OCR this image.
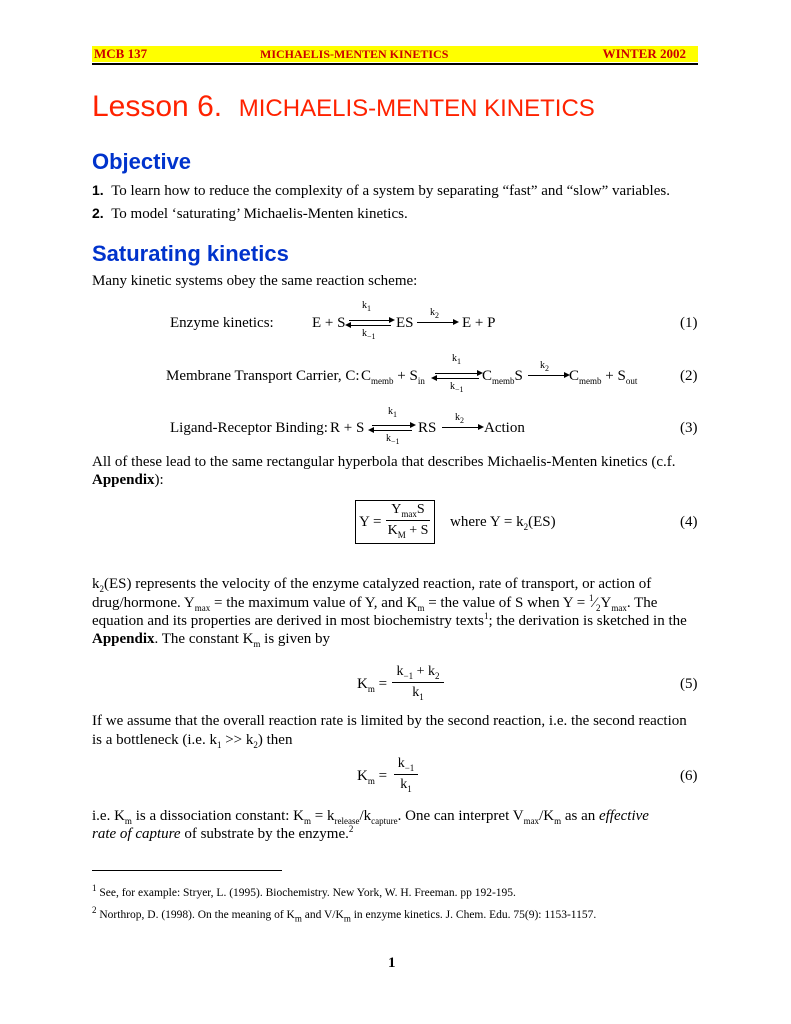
MCB 137	MICHAELIS-MENTEN KINETICS	WINTER 2002
Lesson 6. MICHAELIS-MENTEN KINETICS
Objective
1. To learn how to reduce the complexity of a system by separating “fast” and “slow” variables.
2. To model ‘saturating’ Michaelis-Menten kinetics.
Saturating kinetics
Many kinetic systems obey the same reaction scheme:
Enzyme kinetics:	E + S
$k_1$
$k_{-1}$
ES
$k_2$ E + P	(1)
Membrane Transport Carrier, C: $C_{memb} + S_{in}$
$k_1$
$k_{-1}$
$C_{memb}S$
$k_2$ $C_{memb} + S_{out}$	(2)
Ligand-Receptor Binding: R + S
$k_1$
$k_{-1}$
RS
$k_2$ Action	(3)
All of these lead to the same rectangular hyperbola that describes Michaelis-Menten kinetics (c.f.
Appendix):
Y =
$Y_{max}S$
$K_M + S$
where $Y = k_2(ES)$	(4)
$k_2(ES)$ represents the velocity of the enzyme catalyzed reaction, rate of transport, or action of
drug/hormone. $Y_{max}$ = the maximum value of Y, and $K_m$ = the value of S when $Y = ^1⁄_2Y_{max}$. The
equation and its properties are derived in most biochemistry texts$^1$; the derivation is sketched in the
Appendix. The constant $K_m$ is given by
$K_m$ =
$k_{-1} + k_2$
$k_1$
(5)
If we assume that the overall reaction rate is limited by the second reaction, i.e. the second reaction
is a bottleneck (i.e. $k_1 >> k_2$) then
$K_m$ =
$k_{-1}$
$k_1$
(6)
i.e. $K_m$ is a dissociation constant: $K_m = k_{release}/k_{capture}$. One can interpret $V_{max}/K_m$ as an effective
rate of capture of substrate by the enzyme.$^2$
$^1$ See, for example: Stryer, L. (1995). Biochemistry. New York, W. H. Freeman. pp 192-195.
$^2$ Northrop, D. (1998). On the meaning of $K_m$ and $V/K_m$ in enzyme kinetics. J. Chem. Edu. 75(9): 1153-1157.
1
